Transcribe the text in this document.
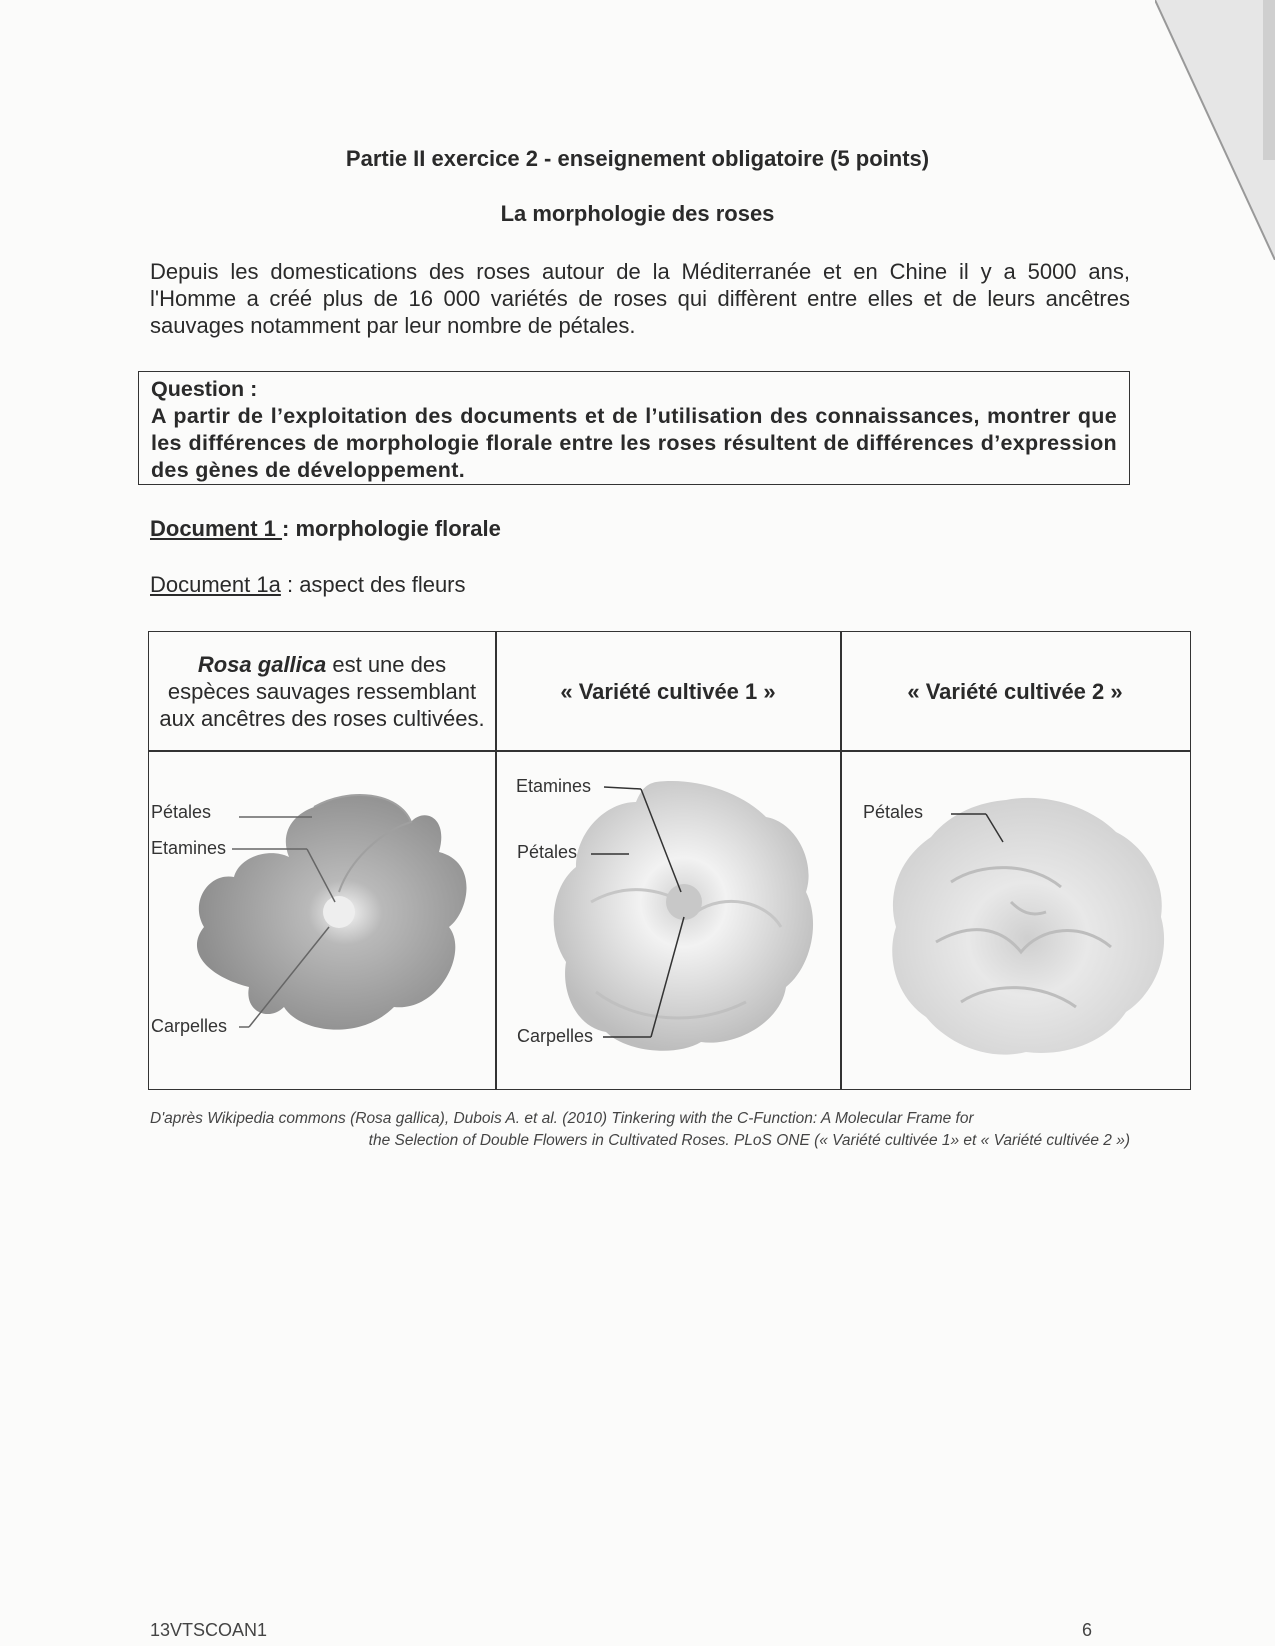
Partie II exercice 2 - enseignement obligatoire (5 points)
La morphologie des roses
Depuis les domestications des roses autour de la Méditerranée et en Chine il y a 5000 ans, l'Homme a créé plus de 16 000 variétés de roses qui diffèrent entre elles et de leurs ancêtres sauvages notamment par leur nombre de pétales.
Question :
A partir de l’exploitation des documents et de l’utilisation des connaissances, montrer que les différences de morphologie florale entre les roses résultent de différences d’expression des gènes de développement.
Document 1 : morphologie florale
Document 1a : aspect des fleurs
Rosa gallica est une des espèces sauvages ressemblant aux ancêtres des roses cultivées.
« Variété cultivée 1 »	« Variété cultivée 2 »
Pétales
Etamines
Carpelles
Etamines
Pétales
Carpelles
Pétales
D'après Wikipedia commons (Rosa gallica), Dubois A. et al. (2010) Tinkering with the C-Function: A Molecular Frame for
the Selection of Double Flowers in Cultivated Roses. PLoS ONE (« Variété cultivée 1» et « Variété cultivée 2 »)
13VTSCOAN1	6
